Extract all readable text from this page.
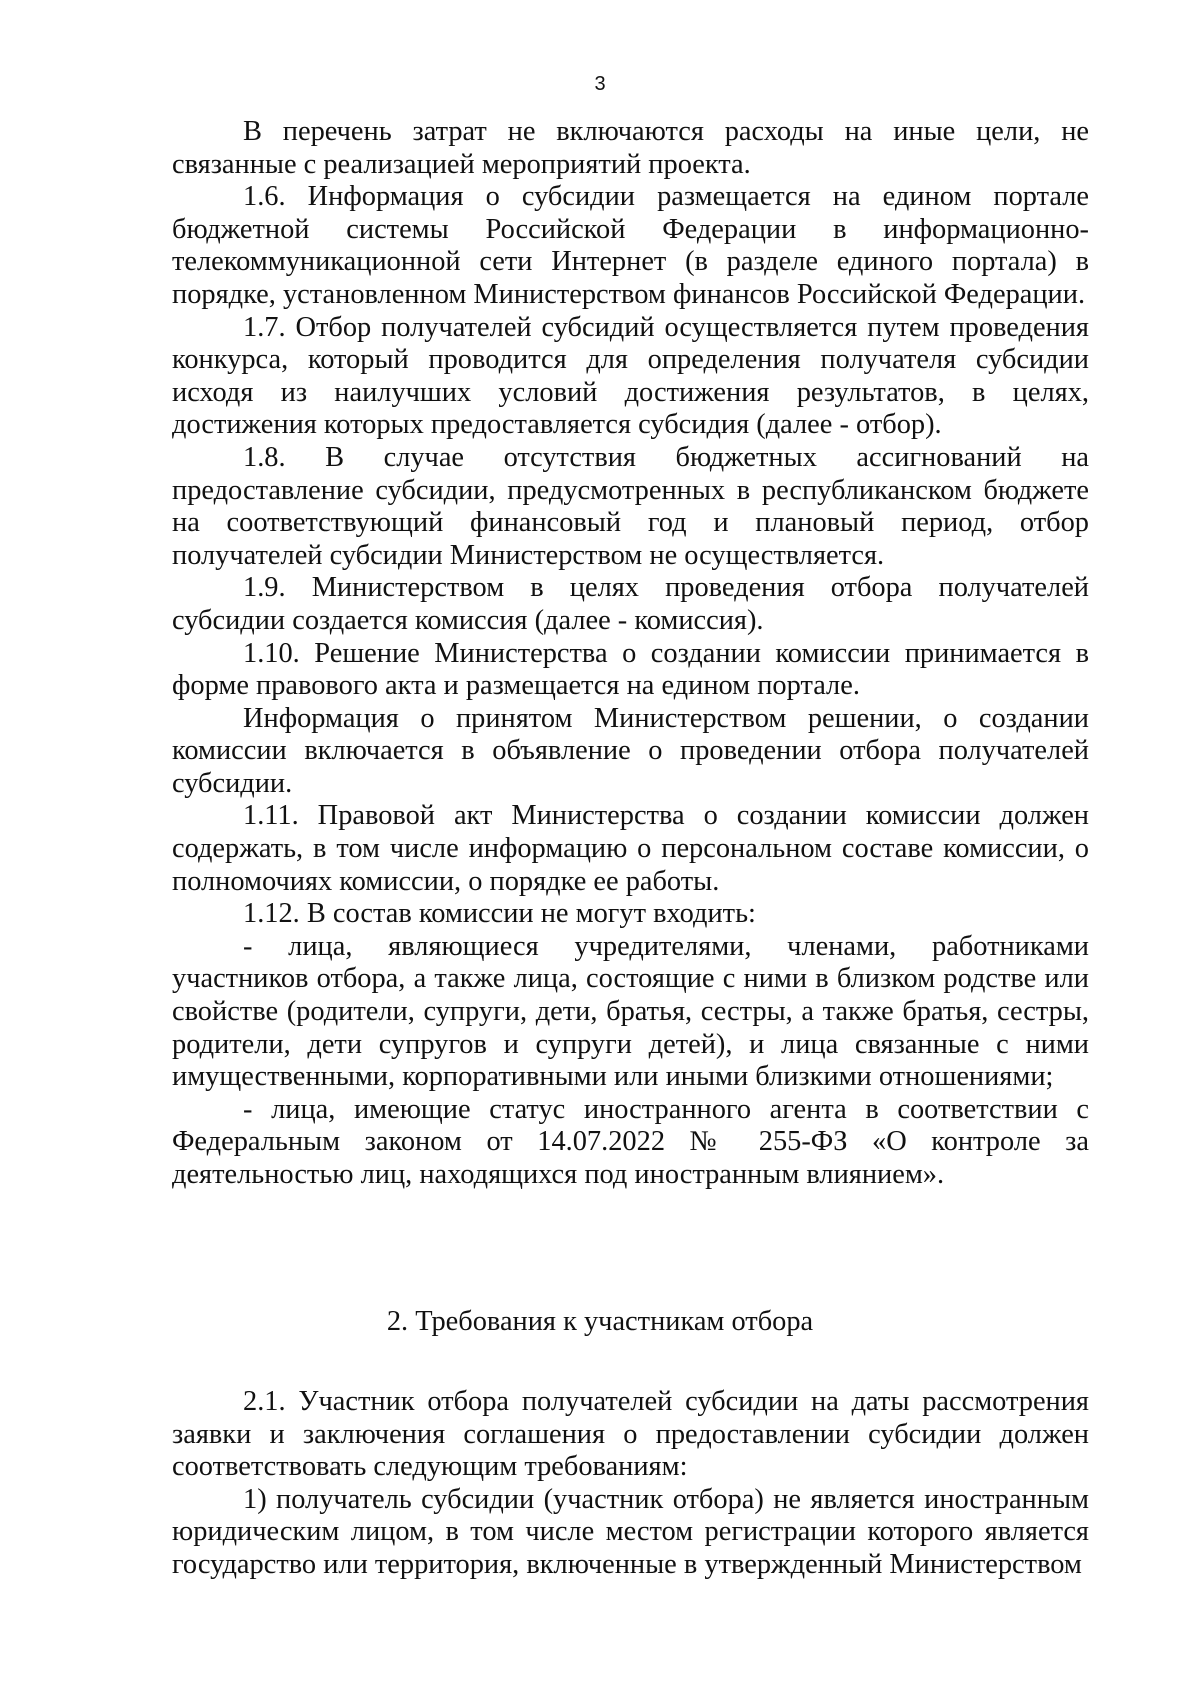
3

В перечень затрат не включаются расходы на иные цели, не связанные с реализацией мероприятий проекта.

1.6. Информация о субсидии размещается на едином портале бюджетной системы Российской Федерации в информационно-телекоммуникационной сети Интернет (в разделе единого портала) в порядке, установленном Министерством финансов Российской Федерации.

1.7. Отбор получателей субсидий осуществляется путем проведения конкурса, который проводится для определения получателя субсидии исходя из наилучших условий достижения результатов, в целях, достижения которых предоставляется субсидия (далее - отбор).

1.8. В случае отсутствия бюджетных ассигнований на предоставление субсидии, предусмотренных в республиканском бюджете на соответствующий финансовый год и плановый период, отбор получателей субсидии Министерством не осуществляется.

1.9. Министерством в целях проведения отбора получателей субсидии создается комиссия (далее - комиссия).

1.10. Решение Министерства о создании комиссии принимается в форме правового акта и размещается на едином портале.

Информация о принятом Министерством решении, о создании комиссии включается в объявление о проведении отбора получателей субсидии.

1.11. Правовой акт Министерства о создании комиссии должен содержать, в том числе информацию о персональном составе комиссии, о полномочиях комиссии, о порядке ее работы.

1.12. В состав комиссии не могут входить:

- лица, являющиеся учредителями, членами, работниками участников отбора, а также лица, состоящие с ними в близком родстве или свойстве (родители, супруги, дети, братья, сестры, а также братья, сестры, родители, дети супругов и супруги детей), и лица связанные с ними имущественными, корпоративными или иными близкими отношениями;

- лица, имеющие статус иностранного агента в соответствии с Федеральным законом от 14.07.2022 № 255-ФЗ «О контроле за деятельностью лиц, находящихся под иностранным влиянием».

2. Требования к участникам отбора

2.1. Участник отбора получателей субсидии на даты рассмотрения заявки и заключения соглашения о предоставлении субсидии должен соответствовать следующим требованиям:

1) получатель субсидии (участник отбора) не является иностранным юридическим лицом, в том числе местом регистрации которого является государство или территория, включенные в утвержденный Министерством
